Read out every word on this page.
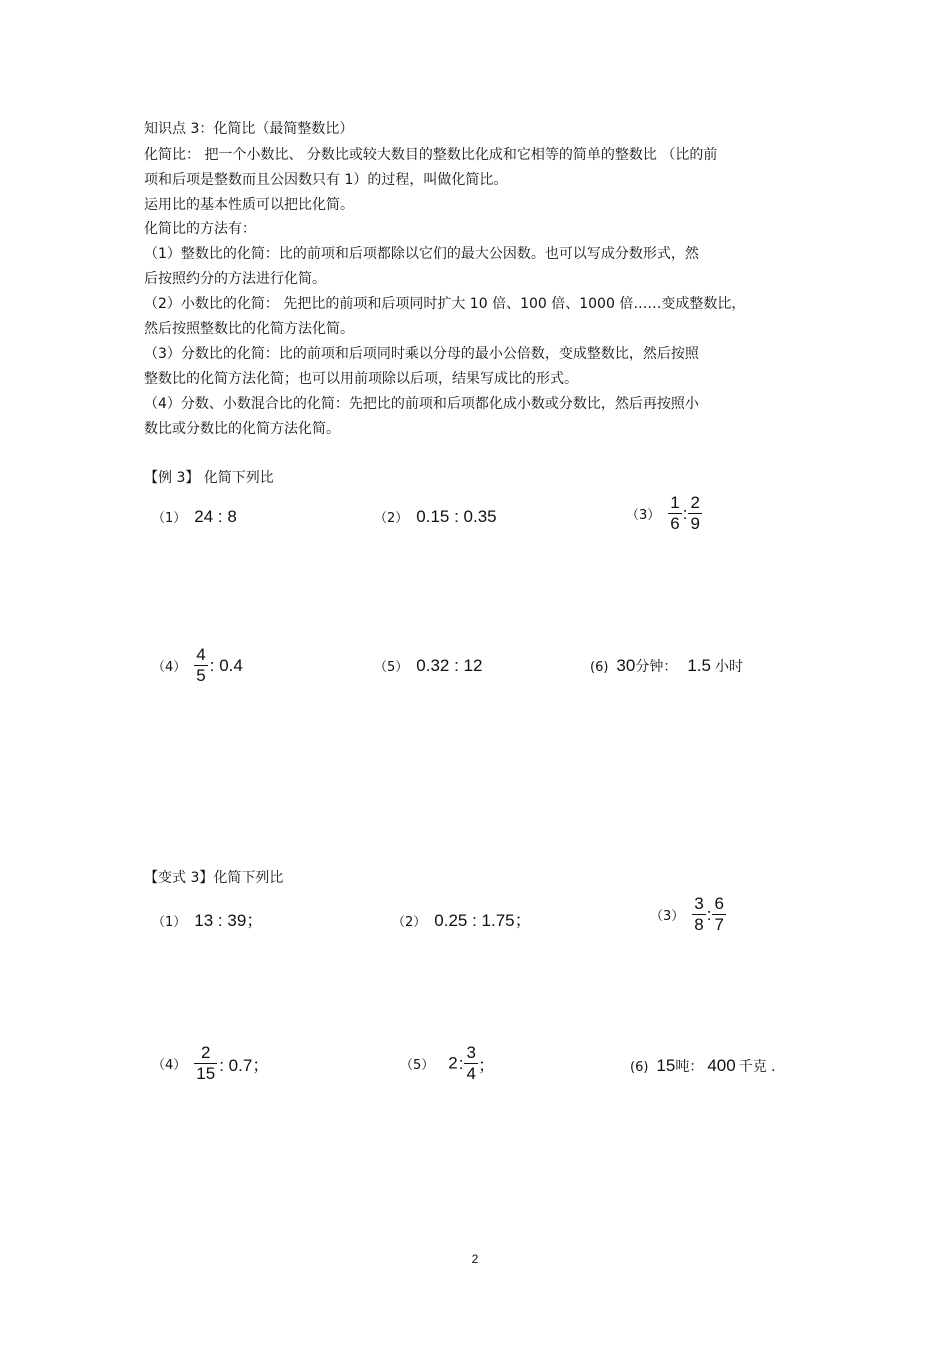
知识点 3：化简比（最简整数比）
化简比： 把一个小数比、 分数比或较大数目的整数比化成和它相等的简单的整数比 （比的前
项和后项是整数而且公因数只有 1）的过程，叫做化简比。
运用比的基本性质可以把比化简。
化简比的方法有：
（1）整数比的化简：比的前项和后项都除以它们的最大公因数。也可以写成分数形式，然
后按照约分的方法进行化简。
（2）小数比的化简： 先把比的前项和后项同时扩大 10 倍、100 倍、1000 倍……变成整数比，
然后按照整数比的化简方法化简。
（3）分数比的化简：比的前项和后项同时乘以分母的最小公倍数，变成整数比，然后按照
整数比的化简方法化简；也可以用前项除以后项，结果写成比的形式。
（4）分数、小数混合比的化简：先把比的前项和后项都化成小数或分数比，然后再按照小
数比或分数比的化简方法化简。
【例 3】 化简下列比
（1） 24 : 8	（2） 0.15 : 0.35	$(3) \frac{1}{6}$ : $\frac{2}{9}$
$(4) \frac{4}{5}$ : 0.4	（5） 0.32 : 12	(6) 30分钟： 1.5 小时
【变式 3】化简下列比
（1） 13 : 39；	（2） 0.25 : 1.75；	$(3) \frac{3}{8}$ : $\frac{6}{7}$
$(4) \frac{2}{15}$ : 0.7；	（5） 2: $\frac{3}{4}$ ；	(6) 15吨： 400 千克 .
2
